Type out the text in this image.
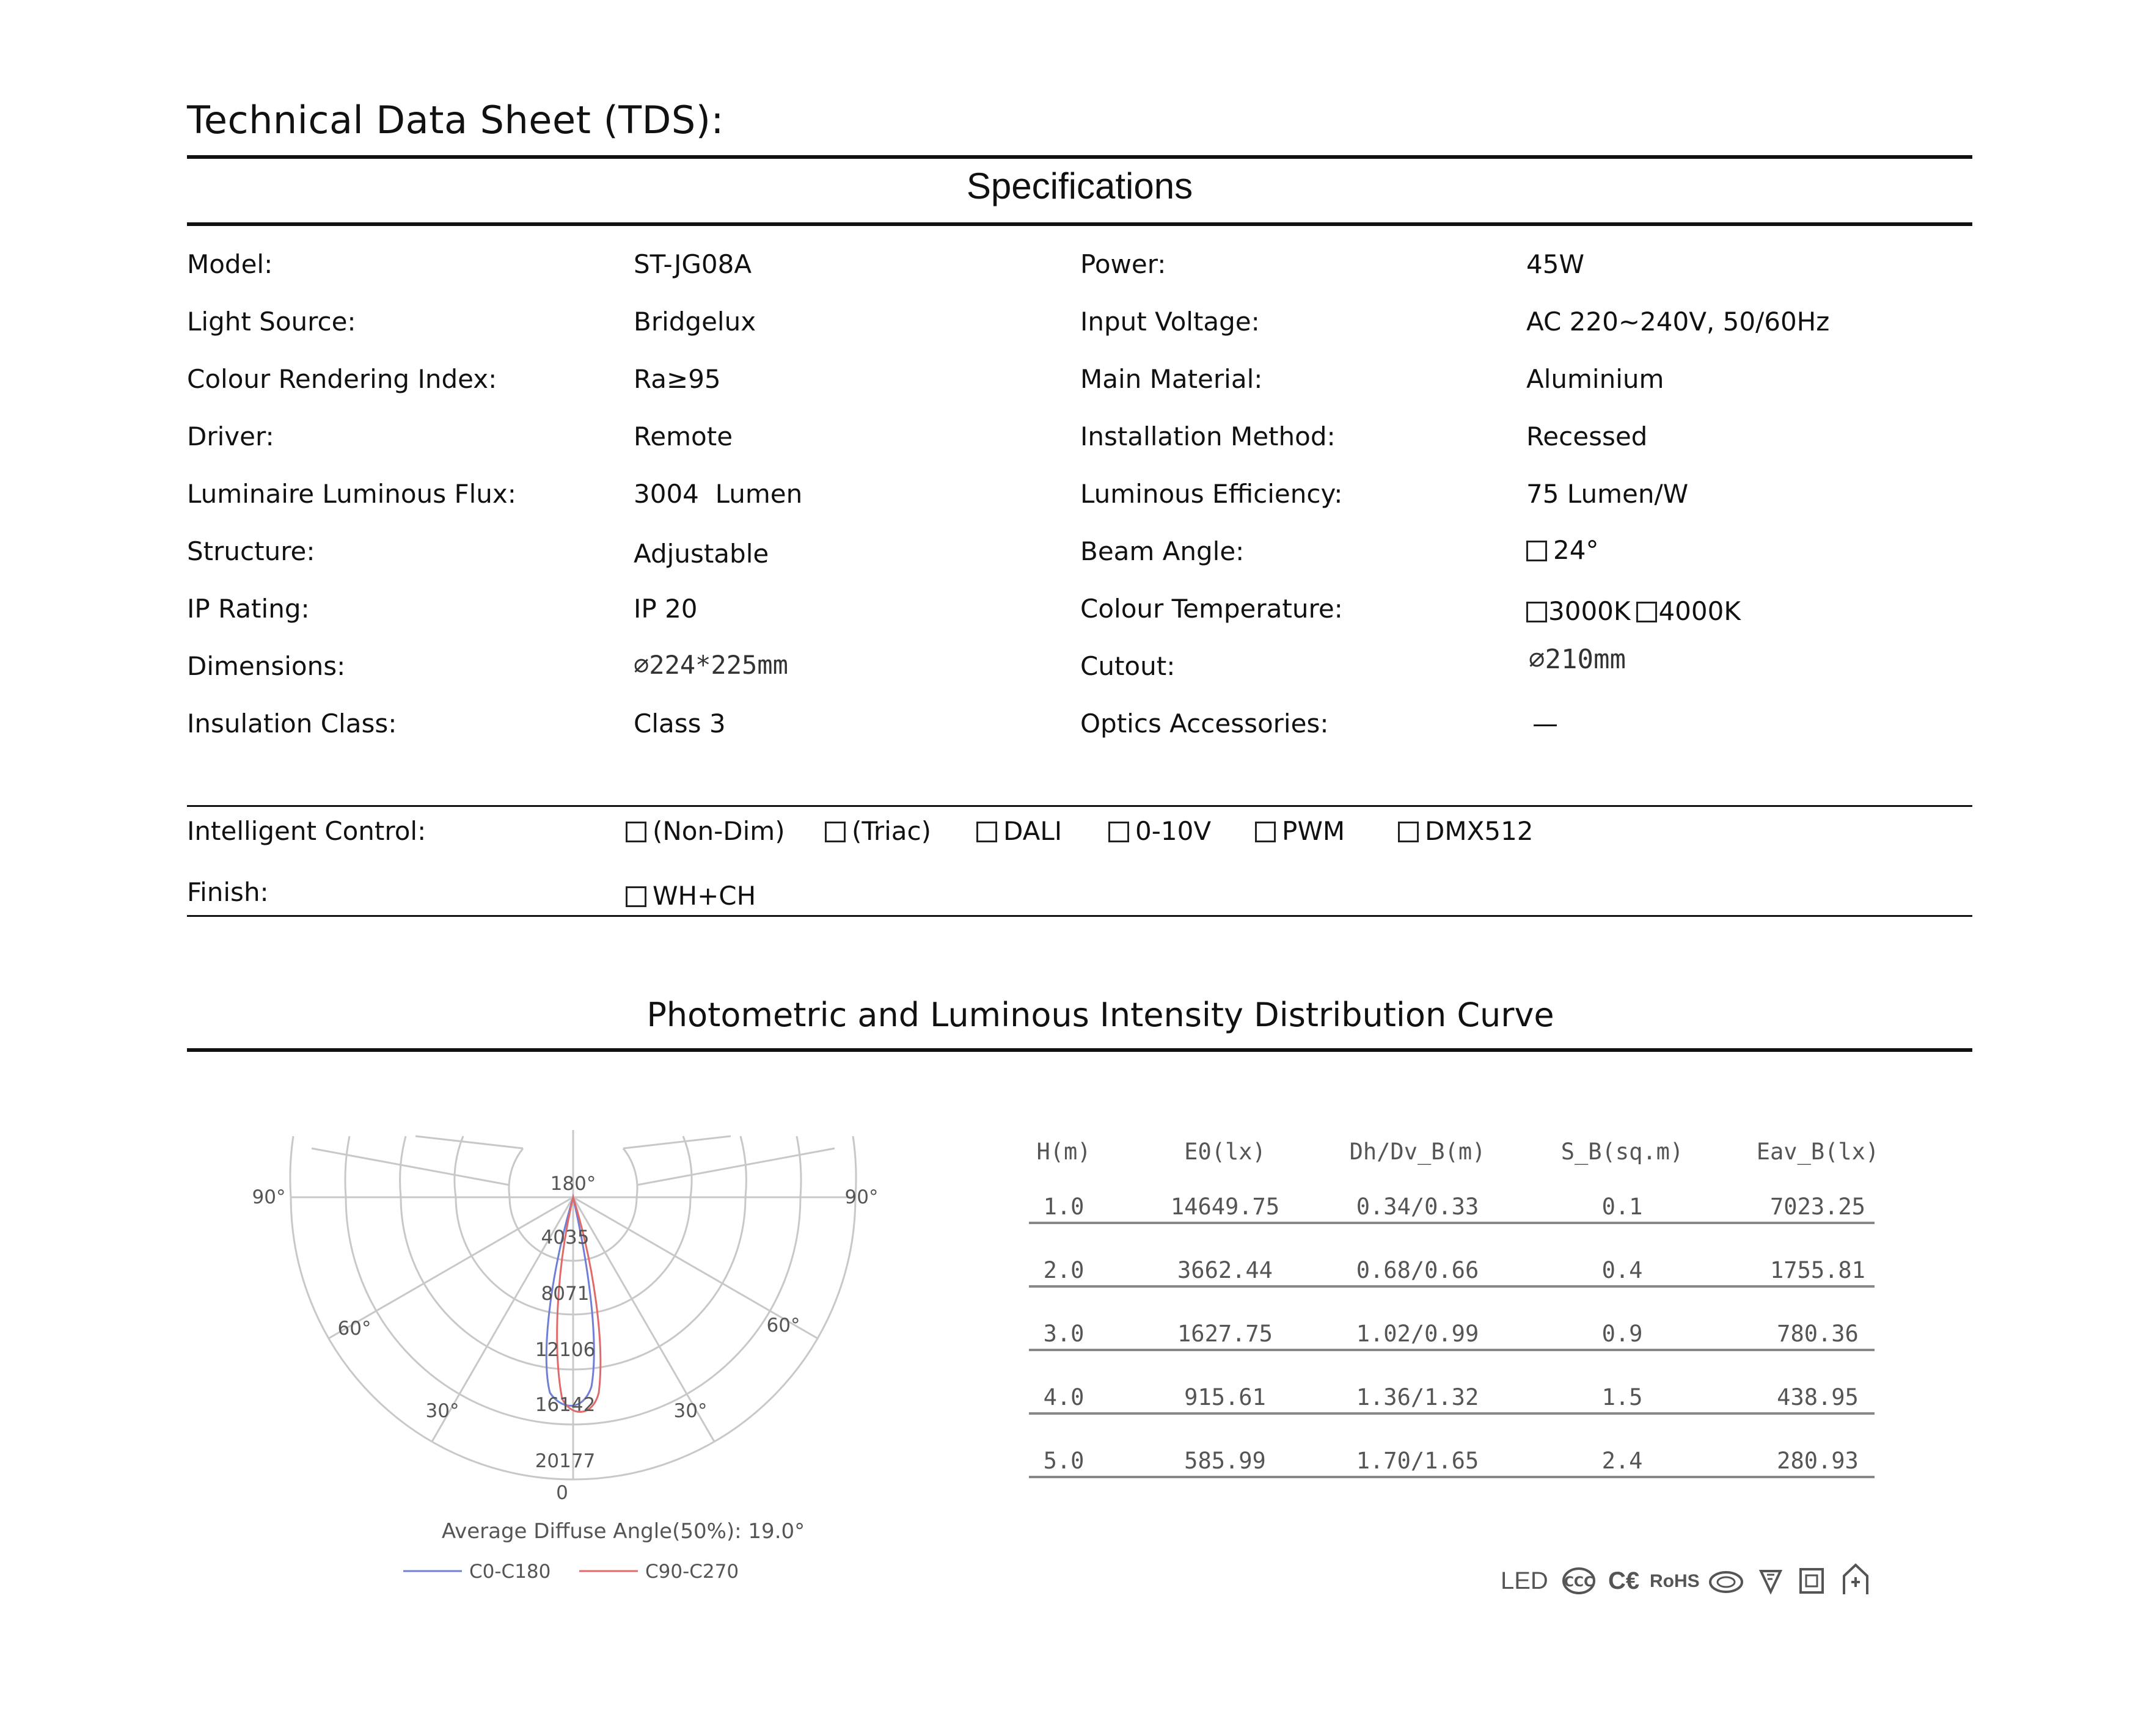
Technical Data Sheet (TDS):
Specifications
Model:	ST-JG08A	Power:	45W
Light Source:	Bridgelux	Input Voltage:	AC 220~240V, 50/60Hz
Colour Rendering Index:	Ra≥95	Main Material:	Aluminium
Driver:	Remote	Installation Method:	Recessed
Luminaire Luminous Flux:	3004  Lumen	Luminous Efficiency:	75 Lumen/W
Structure:	Adjustable	Beam Angle:	24°
IP Rating:	IP 20	Colour Temperature:	3000K 4000K
Dimensions:	∅224*225mm	Cutout:	∅210mm
Insulation Class:	Class 3	Optics Accessories:	—
Intelligent Control:	(Non-Dim)	(Triac)	DALI	0-10V	PWM	DMX512
Finish:	WH+CH
Photometric and Luminous Intensity Distribution Curve
180°
90°	90°
60°	60°
30°	30°
0
4035
8071
12106
16142
20177
Average Diffuse Angle(50%): 19.0°
C0-C180	C90-C270
H(m)	E0(lx)	Dh/Dv_B(m)	S_B(sq.m)	Eav_B(lx)
1.0	14649.75	0.34/0.33	0.1	7023.25
2.0	3662.44	0.68/0.66	0.4	1755.81
3.0	1627.75	1.02/0.99	0.9	780.36
4.0	915.61	1.36/1.32	1.5	438.95
5.0	585.99	1.70/1.65	2.4	280.93
LED CCC C€ RoHS
